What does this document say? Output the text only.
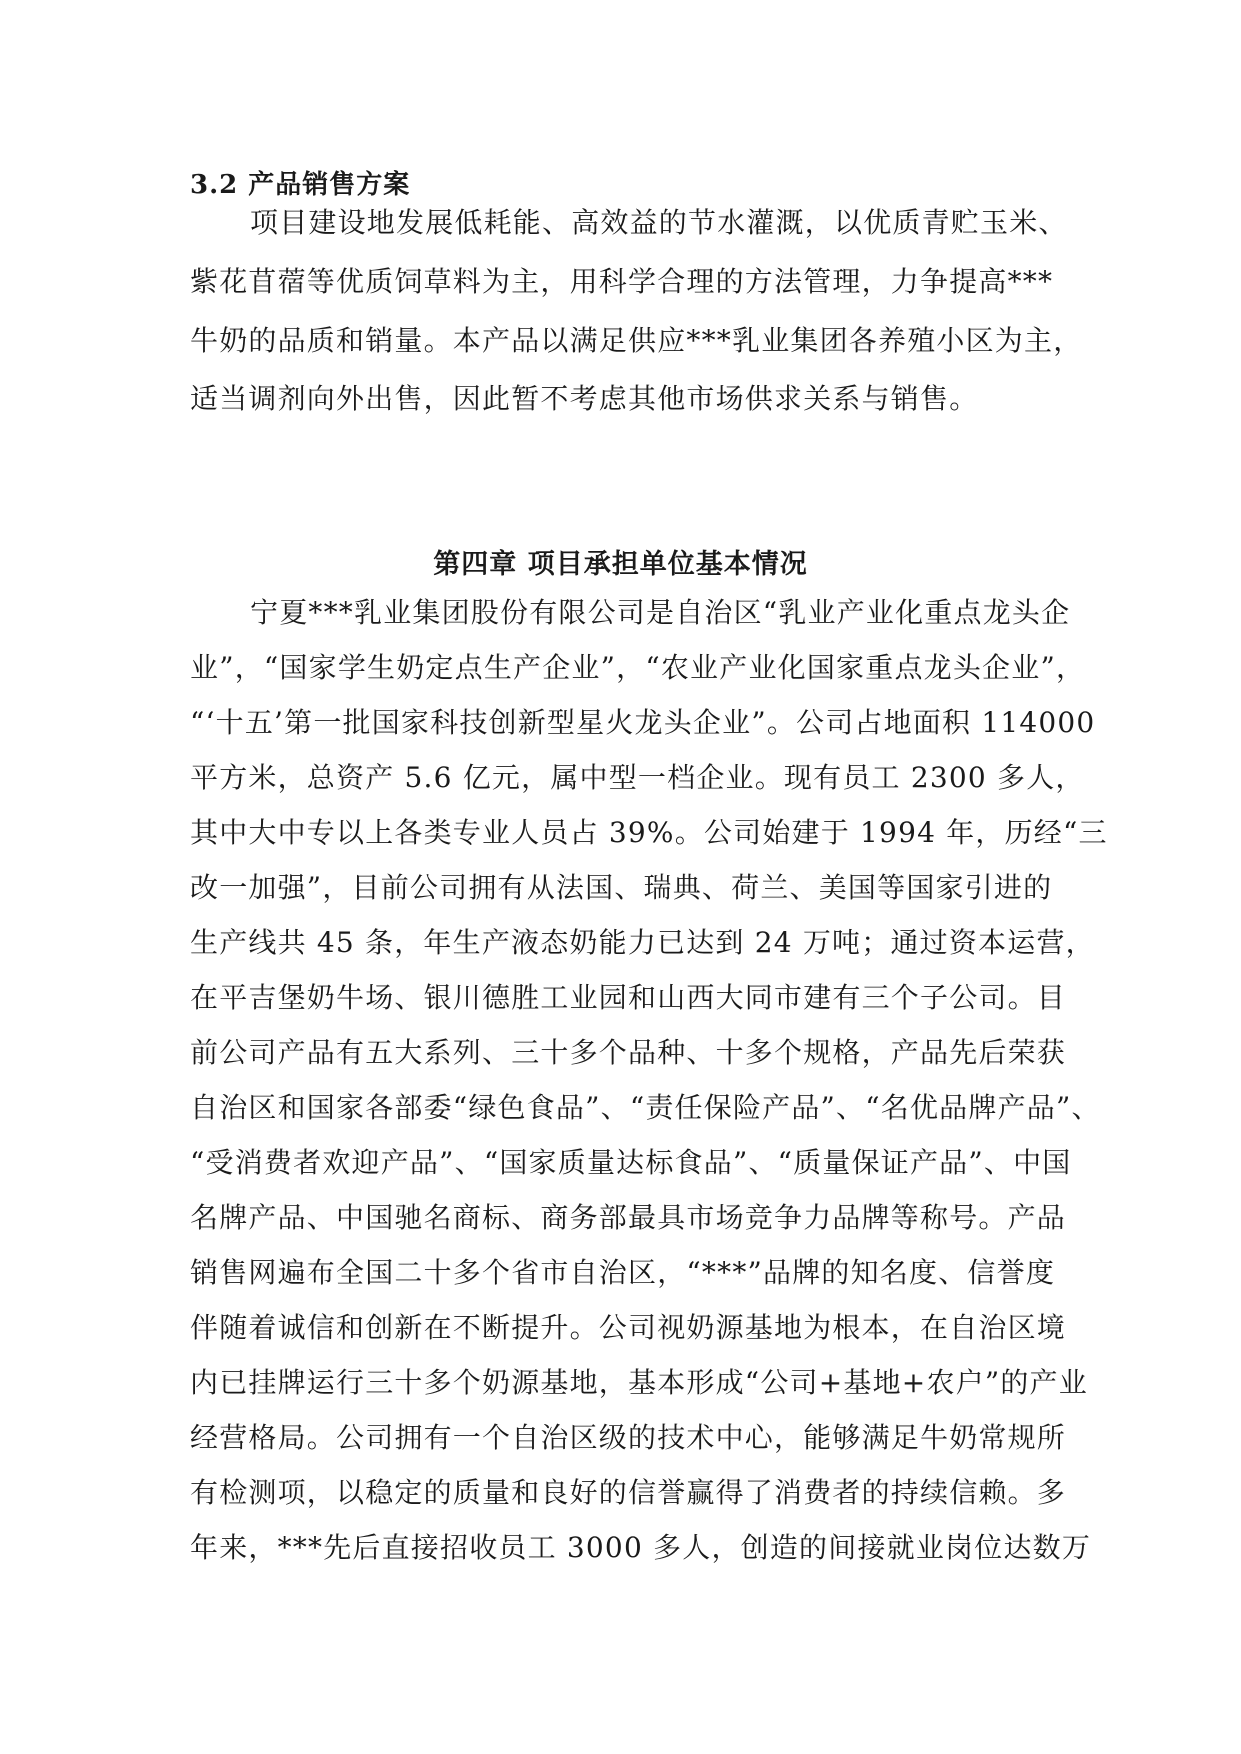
3.2 产品销售方案
项目建设地发展低耗能、高效益的节水灌溉，以优质青贮玉米、
紫花苜蓿等优质饲草料为主，用科学合理的方法管理，力争提高***
牛奶的品质和销量。本产品以满足供应***乳业集团各养殖小区为主，
适当调剂向外出售，因此暂不考虑其他市场供求关系与销售。
第四章 项目承担单位基本情况
宁夏***乳业集团股份有限公司是自治区“乳业产业化重点龙头企
业”，“国家学生奶定点生产企业”，“农业产业化国家重点龙头企业”，
“‘十五’第一批国家科技创新型星火龙头企业”。公司占地面积 114000
平方米，总资产 5.6 亿元，属中型一档企业。现有员工 2300 多人，
其中大中专以上各类专业人员占 39%。公司始建于 1994 年，历经“三
改一加强”，目前公司拥有从法国、瑞典、荷兰、美国等国家引进的
生产线共 45 条，年生产液态奶能力已达到 24 万吨；通过资本运营，
在平吉堡奶牛场、银川德胜工业园和山西大同市建有三个子公司。目
前公司产品有五大系列、三十多个品种、十多个规格，产品先后荣获
自治区和国家各部委“绿色食品”、“责任保险产品”、“名优品牌产品”、
“受消费者欢迎产品”、“国家质量达标食品”、“质量保证产品”、中国
名牌产品、中国驰名商标、商务部最具市场竞争力品牌等称号。产品
销售网遍布全国二十多个省市自治区，“***”品牌的知名度、信誉度
伴随着诚信和创新在不断提升。公司视奶源基地为根本，在自治区境
内已挂牌运行三十多个奶源基地，基本形成“公司+基地+农户”的产业
经营格局。公司拥有一个自治区级的技术中心，能够满足牛奶常规所
有检测项，以稳定的质量和良好的信誉赢得了消费者的持续信赖。多
年来，***先后直接招收员工 3000 多人，创造的间接就业岗位达数万
